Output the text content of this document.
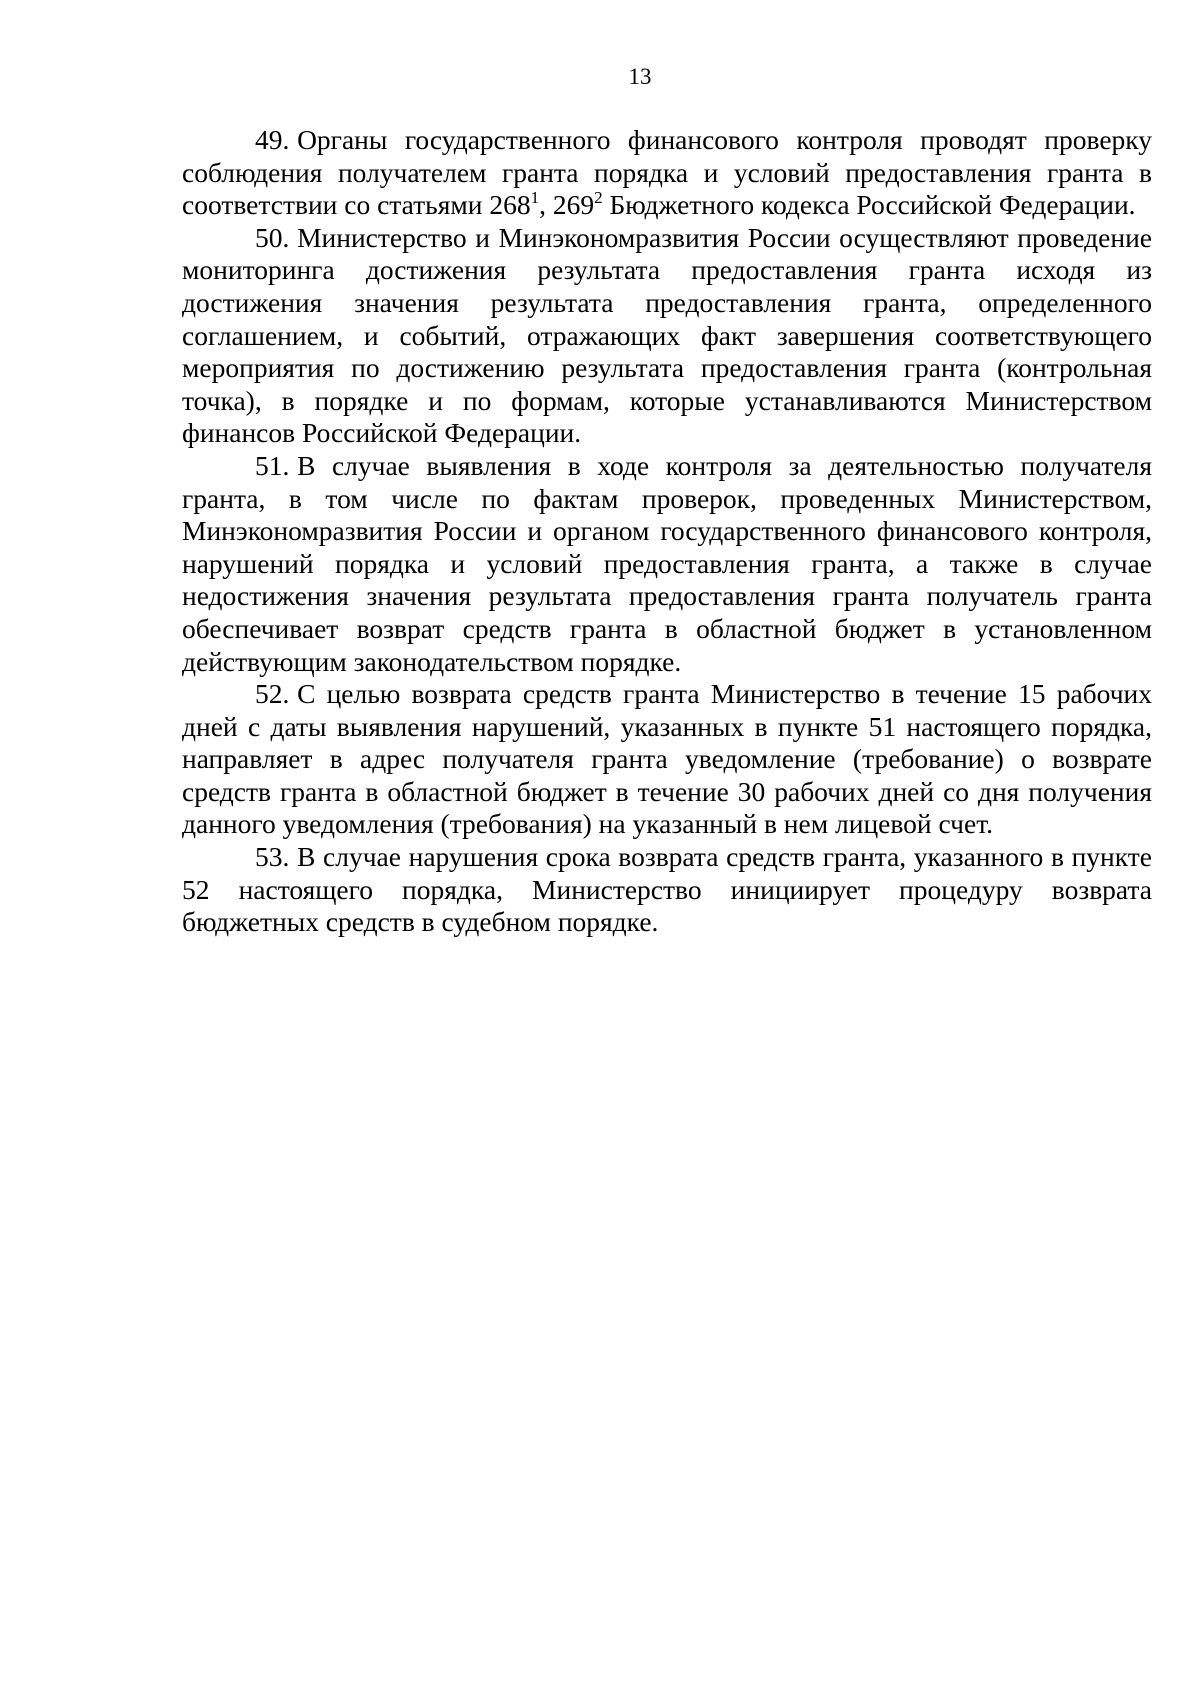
13

49. Органы государственного финансового контроля проводят проверку соблюдения получателем гранта порядка и условий предоставления гранта в соответствии со статьями $268^1$, $269^2$ Бюджетного кодекса Российской Федерации.

50. Министерство и Минэкономразвития России осуществляют проведение мониторинга достижения результата предоставления гранта исходя из достижения значения результата предоставления гранта, определенного соглашением, и событий, отражающих факт завершения соответствующего мероприятия по достижению результата предоставления гранта (контрольная точка), в порядке и по формам, которые устанавливаются Министерством финансов Российской Федерации.

51. В случае выявления в ходе контроля за деятельностью получателя гранта, в том числе по фактам проверок, проведенных Министерством, Минэкономразвития России и органом государственного финансового контроля, нарушений порядка и условий предоставления гранта, а также в случае недостижения значения результата предоставления гранта получатель гранта обеспечивает возврат средств гранта в областной бюджет в установленном действующим законодательством порядке.

52. С целью возврата средств гранта Министерство в течение 15 рабочих дней с даты выявления нарушений, указанных в пункте 51 настоящего порядка, направляет в адрес получателя гранта уведомление (требование) о возврате средств гранта в областной бюджет в течение 30 рабочих дней со дня получения данного уведомления (требования) на указанный в нем лицевой счет.

53. В случае нарушения срока возврата средств гранта, указанного в пункте 52 настоящего порядка, Министерство инициирует процедуру возврата бюджетных средств в судебном порядке.
